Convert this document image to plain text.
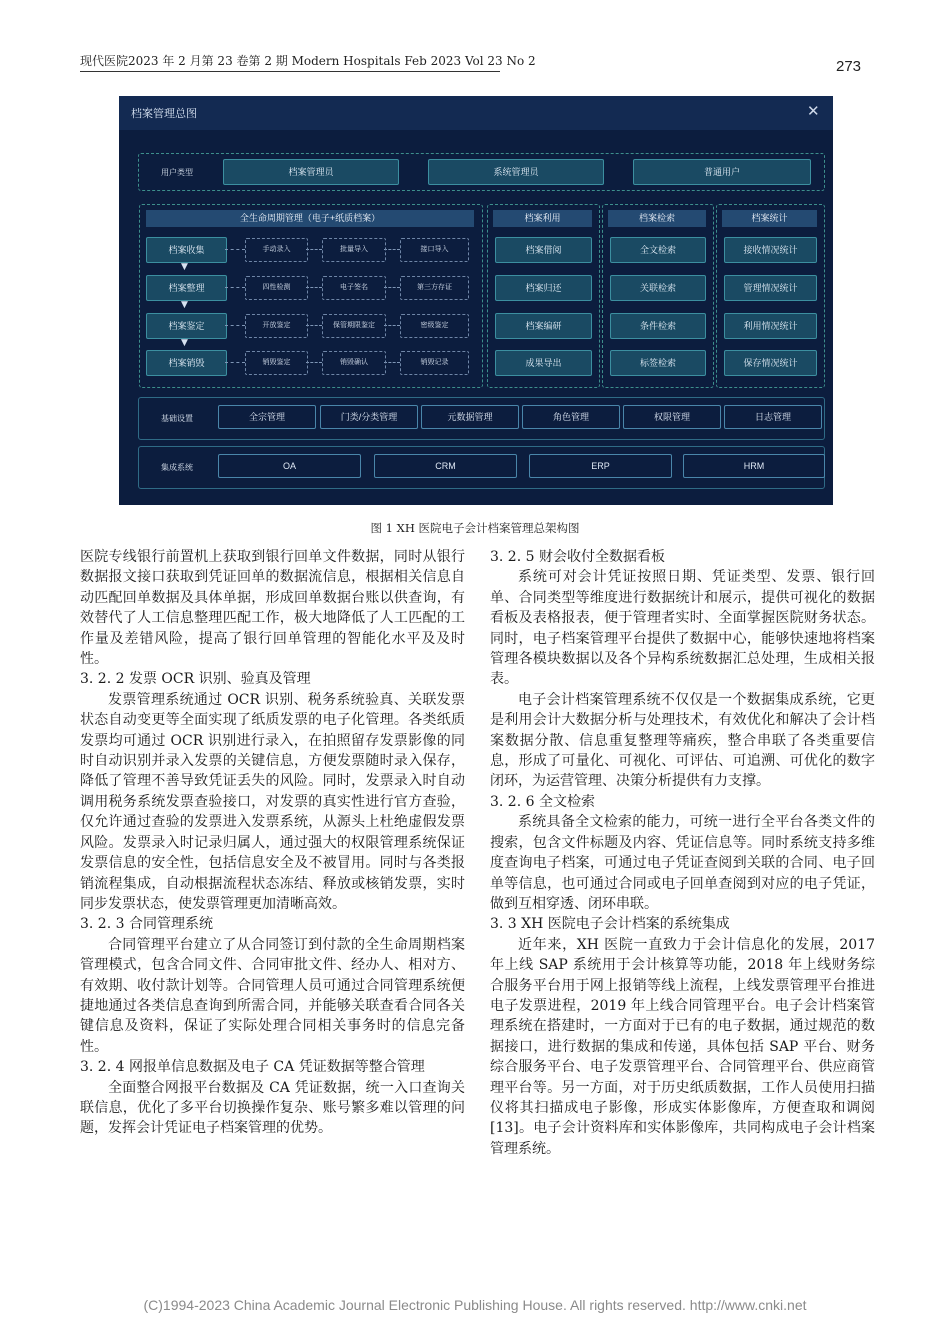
现代医院2023 年 2 月第 23 卷第 2 期 Modern Hospitals Feb 2023 Vol 23 No 2	273
档案管理总图	✕
用户类型	档案管理员	系统管理员	普通用户
全生命周期管理（电子+纸质档案）
档案收集
▼
档案整理
▼
档案鉴定
▼
档案销毁
手动录入	批量导入	接口导入
四性检测	电子签名	第三方存证
开放鉴定	保管期限鉴定	密级鉴定
销毁鉴定	销毁确认	销毁记录
档案利用
档案借阅
档案归还
档案编研
成果导出
档案检索
全文检索
关联检索
条件检索
标签检索
档案统计
接收情况统计
管理情况统计
利用情况统计
保存情况统计
基础设置	全宗管理	门类/分类管理	元数据管理	角色管理	权限管理	日志管理
集成系统	OA	CRM	ERP	HRM
图 1 XH 医院电子会计档案管理总架构图

医院专线银行前置机上获取到银行回单文件数据，同时从银行数据报文接口获取到凭证回单的数据流信息，根据相关信息自动匹配回单数据及具体单据，形成回单数据台账以供查询，有效替代了人工信息整理匹配工作，极大地降低了人工匹配的工作量及差错风险，提高了银行回单管理的智能化水平及及时性。

3. 2. 2 发票 OCR 识别、验真及管理

发票管理系统通过 OCR 识别、税务系统验真、关联发票状态自动变更等全面实现了纸质发票的电子化管理。各类纸质发票均可通过 OCR 识别进行录入，在拍照留存发票影像的同时自动识别并录入发票的关键信息，方便发票随时录入保存，降低了管理不善导致凭证丢失的风险。同时，发票录入时自动调用税务系统发票查验接口，对发票的真实性进行官方查验，仅允许通过查验的发票进入发票系统，从源头上杜绝虚假发票风险。发票录入时记录归属人，通过强大的权限管理系统保证发票信息的安全性，包括信息安全及不被冒用。同时与各类报销流程集成，自动根据流程状态冻结、释放或核销发票，实时同步发票状态，使发票管理更加清晰高效。

3. 2. 3 合同管理系统

合同管理平台建立了从合同签订到付款的全生命周期档案管理模式，包含合同文件、合同审批文件、经办人、相对方、有效期、收付款计划等。合同管理人员可通过合同管理系统便捷地通过各类信息查询到所需合同，并能够关联查看合同各关键信息及资料，保证了实际处理合同相关事务时的信息完备性。

3. 2. 4 网报单信息数据及电子 CA 凭证数据等整合管理

全面整合网报平台数据及 CA 凭证数据，统一入口查询关联信息，优化了多平台切换操作复杂、账号繁多难以管理的问题，发挥会计凭证电子档案管理的优势。

3. 2. 5 财会收付全数据看板

系统可对会计凭证按照日期、凭证类型、发票、银行回单、合同类型等维度进行数据统计和展示，提供可视化的数据看板及表格报表，便于管理者实时、全面掌握医院财务状态。同时，电子档案管理平台提供了数据中心，能够快速地将档案管理各模块数据以及各个异构系统数据汇总处理，生成相关报表。

电子会计档案管理系统不仅仅是一个数据集成系统，它更是利用会计大数据分析与处理技术，有效优化和解决了会计档案数据分散、信息重复整理等痛疾，整合串联了各类重要信息，形成了可量化、可视化、可评估、可追溯、可优化的数字闭环，为运营管理、决策分析提供有力支撑。

3. 2. 6 全文检索

系统具备全文检索的能力，可统一进行全平台各类文件的搜索，包含文件标题及内容、凭证信息等。同时系统支持多维度查询电子档案，可通过电子凭证查阅到关联的合同、电子回单等信息，也可通过合同或电子回单查阅到对应的电子凭证，做到互相穿透、闭环串联。

3. 3 XH 医院电子会计档案的系统集成

近年来，XH 医院一直致力于会计信息化的发展，2017 年上线 SAP 系统用于会计核算等功能，2018 年上线财务综合服务平台用于网上报销等线上流程，上线发票管理平台推进电子发票进程，2019 年上线合同管理平台。电子会计档案管理系统在搭建时，一方面对于已有的电子数据，通过规范的数据接口，进行数据的集成和传递，具体包括 SAP 平台、财务综合服务平台、电子发票管理平台、合同管理平台、供应商管理平台等。另一方面，对于历史纸质数据，工作人员使用扫描仪将其扫描成电子影像，形成实体影像库，方便查取和调阅[13]。电子会计资料库和实体影像库，共同构成电子会计档案管理系统。

(C)1994-2023 China Academic Journal Electronic Publishing House. All rights reserved. http://www.cnki.net
